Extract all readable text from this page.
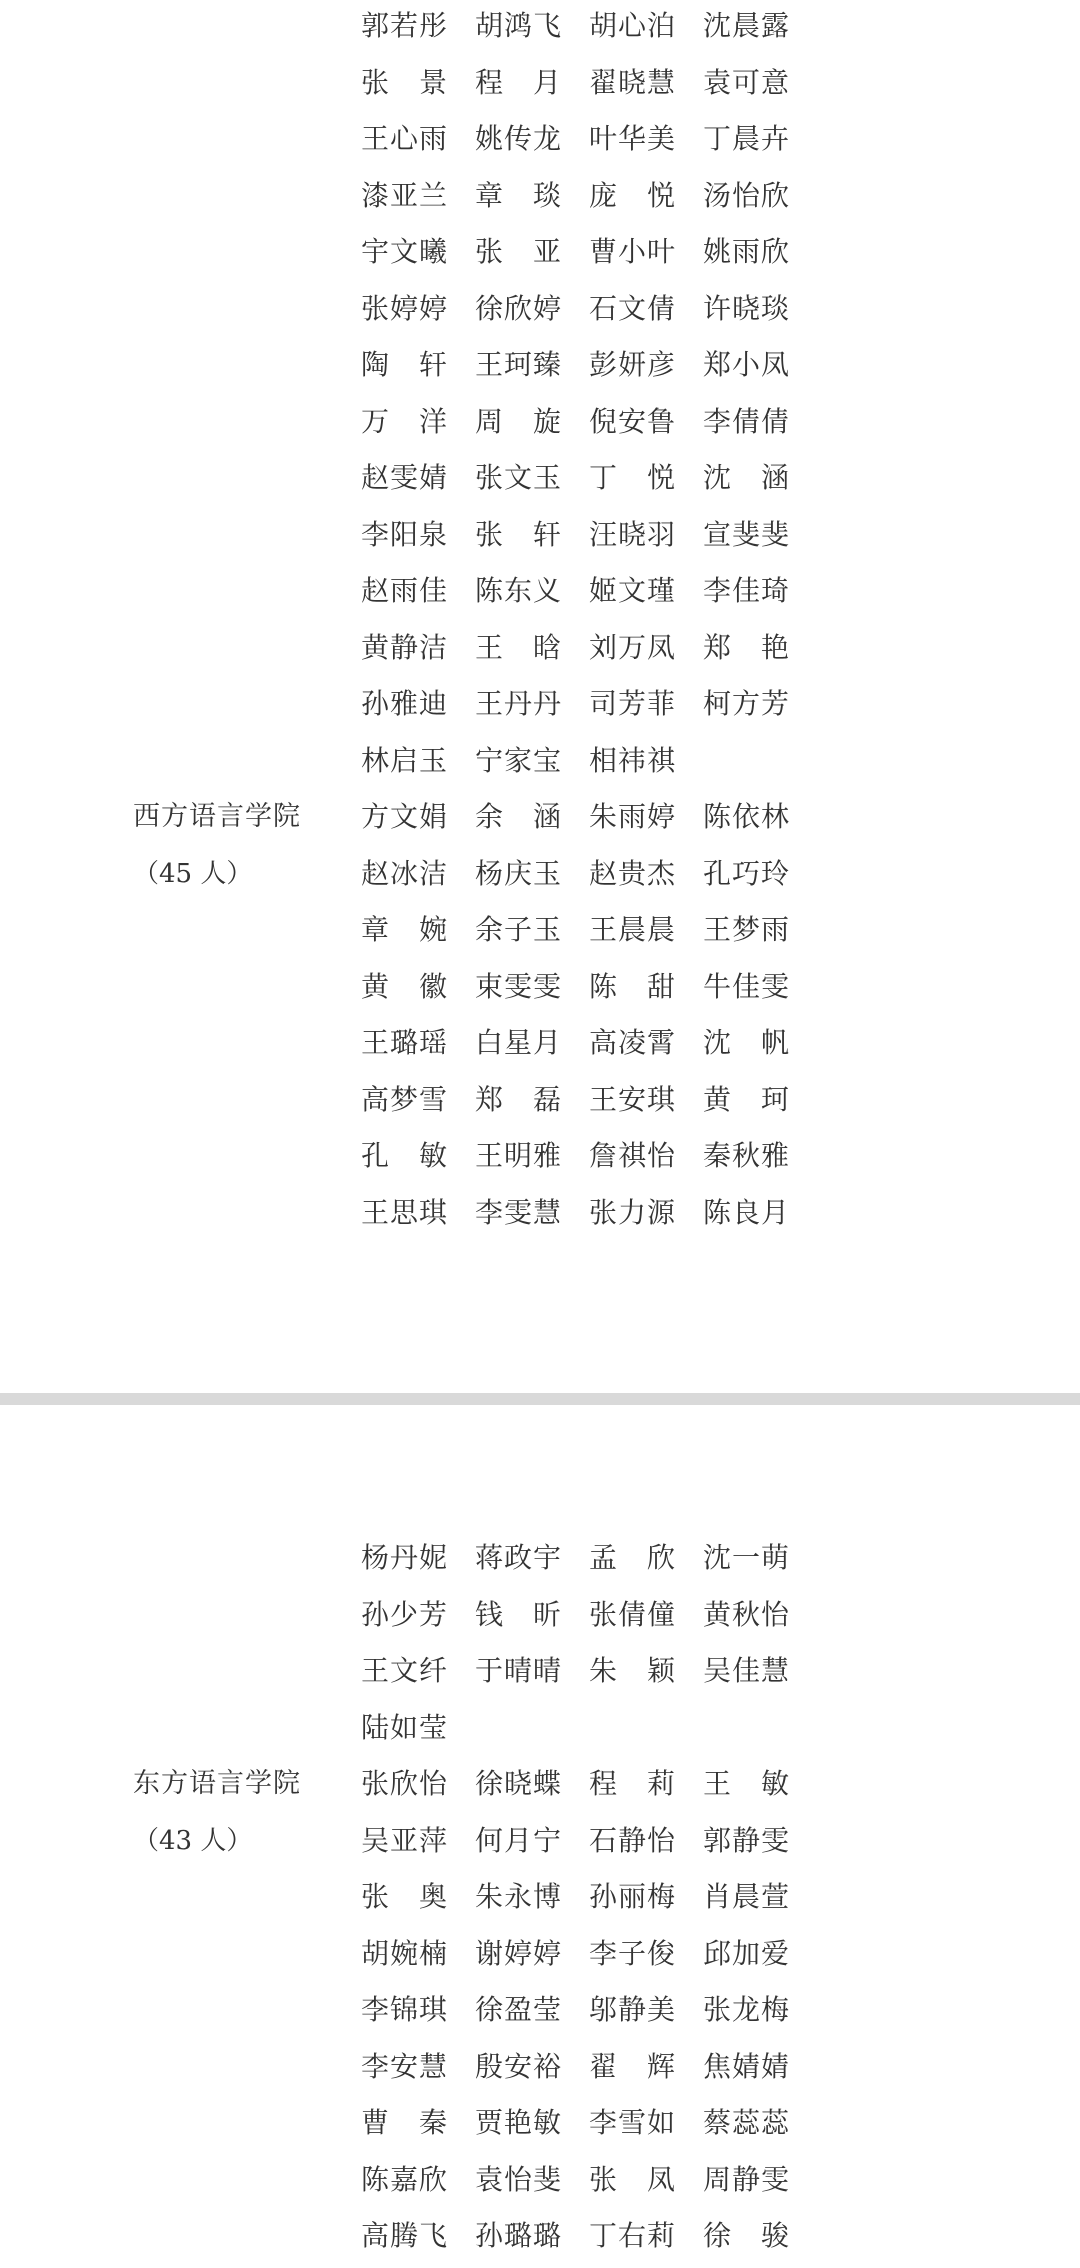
西方语言学院
（45 人）
郭若彤 胡鸿飞 胡心泊 沈晨露
张　景 程　月 翟晓慧 袁可意
王心雨 姚传龙 叶华美 丁晨卉
漆亚兰 章　琰 庞　悦 汤怡欣
宇文曦 张　亚 曹小叶 姚雨欣
张婷婷 徐欣婷 石文倩 许晓琰
陶　轩 王珂臻 彭妍彦 郑小凤
万　洋 周　旋 倪安鲁 李倩倩
赵雯婧 张文玉 丁　悦 沈　涵
李阳泉 张　轩 汪晓羽 宣斐斐
赵雨佳 陈东义 姬文瑾 李佳琦
黄静洁 王　晗 刘万凤 郑　艳
孙雅迪 王丹丹 司芳菲 柯方芳
林启玉 宁家宝 相祎祺
方文娟 余　涵 朱雨婷 陈依林
赵冰洁 杨庆玉 赵贵杰 孔巧玲
章　婉 余子玉 王晨晨 王梦雨
黄　徽 束雯雯 陈　甜 牛佳雯
王璐瑶 白星月 高凌霄 沈　帆
高梦雪 郑　磊 王安琪 黄　珂
孔　敏 王明雅 詹祺怡 秦秋雅
王思琪 李雯慧 张力源 陈良月
东方语言学院
（43 人）
杨丹妮 蒋政宇 孟　欣 沈一萌
孙少芳 钱　昕 张倩僮 黄秋怡
王文纤 于晴晴 朱　颖 吴佳慧
陆如莹
张欣怡 徐晓蝶 程　莉 王　敏
吴亚萍 何月宁 石静怡 郭静雯
张　奥 朱永博 孙丽梅 肖晨萱
胡婉楠 谢婷婷 李子俊 邱加爱
李锦琪 徐盈莹 邬静美 张龙梅
李安慧 殷安裕 翟　辉 焦婧婧
曹　秦 贾艳敏 李雪如 蔡蕊蕊
陈嘉欣 袁怡斐 张　凤 周静雯
高腾飞 孙璐璐 丁右莉 徐　骏
